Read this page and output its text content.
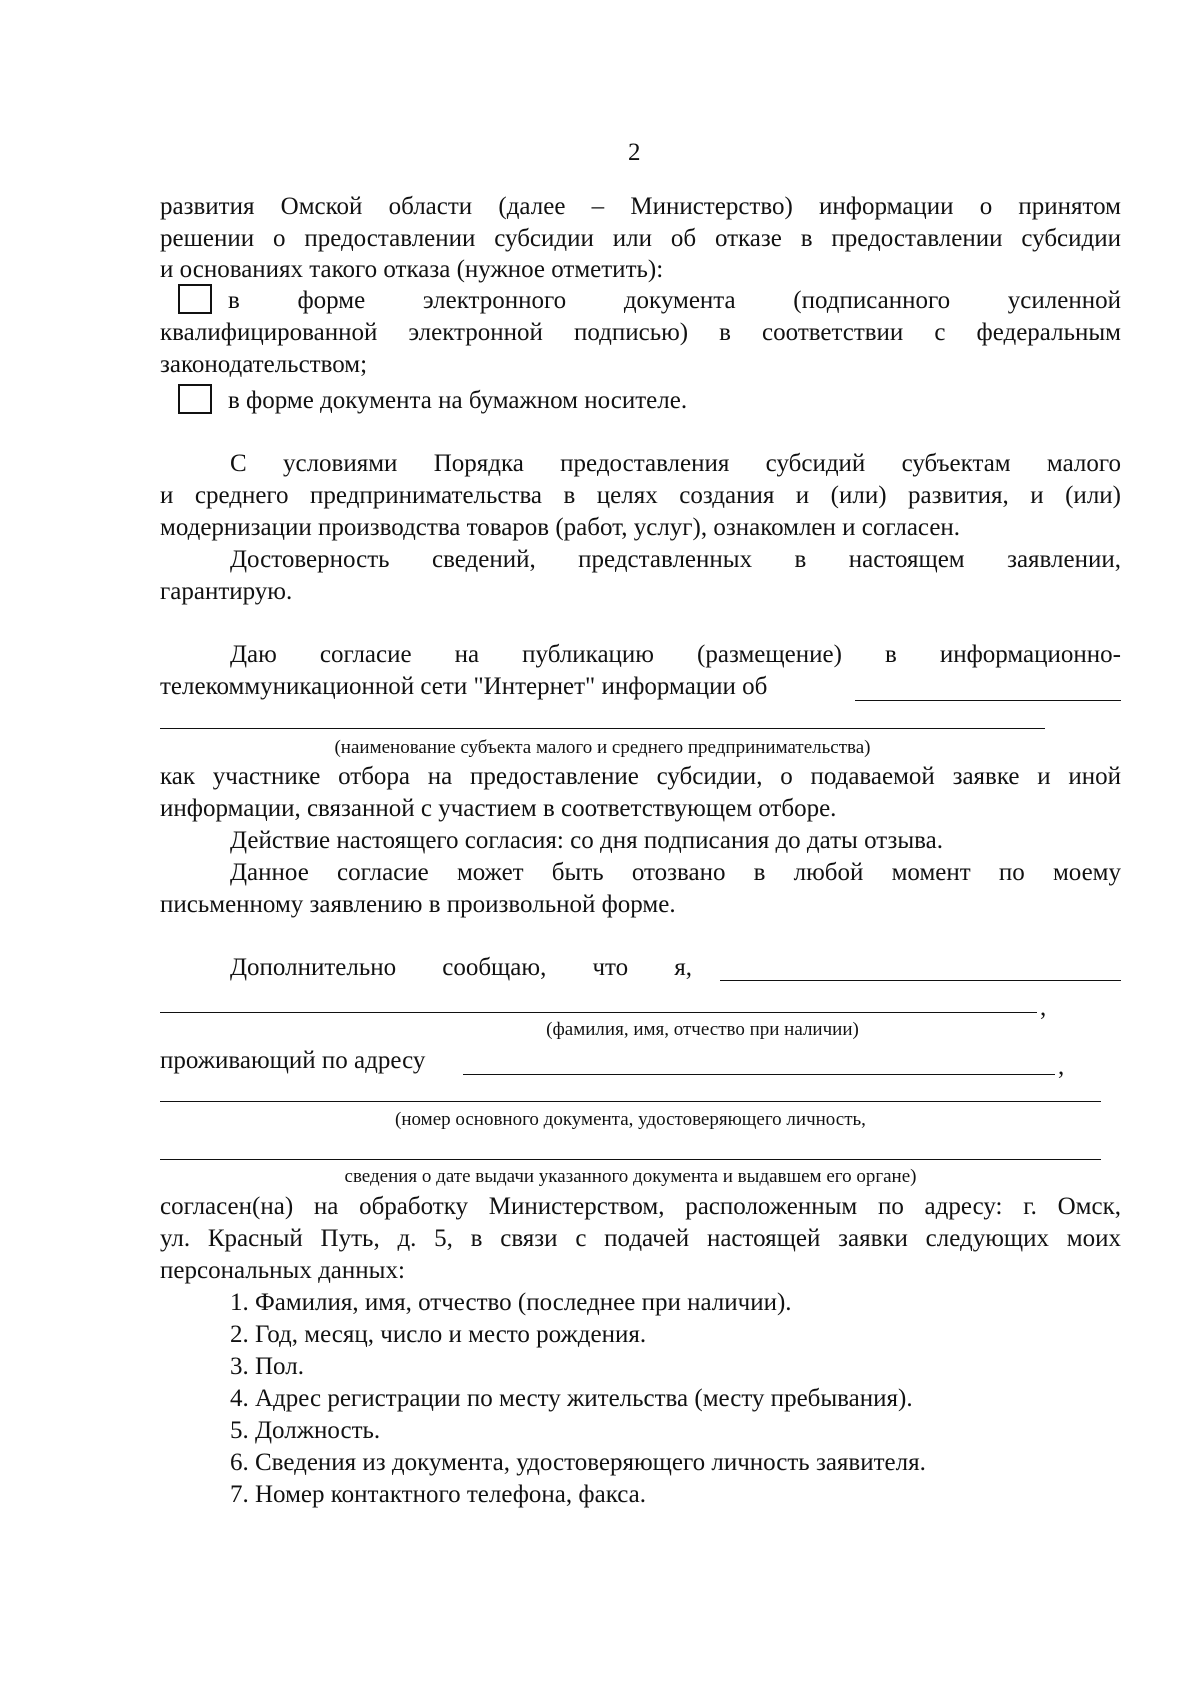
2
развития Омской области (далее – Министерство) информации о принятом
решении о предоставлении субсидии или об отказе в предоставлении субсидии
и основаниях такого отказа (нужное отметить):
в форме электронного документа (подписанного усиленной
квалифицированной электронной подписью) в соответствии с федеральным
законодательством;
в форме документа на бумажном носителе.
С условиями Порядка предоставления субсидий субъектам малого
и среднего предпринимательства в целях создания и (или) развития, и (или)
модернизации производства товаров (работ, услуг), ознакомлен и согласен.
Достоверность сведений, представленных в настоящем заявлении,
гарантирую.
Даю согласие на публикацию (размещение) в информационно-
телекоммуникационной сети "Интернет" информации об
(наименование субъекта малого и среднего предпринимательства)
как участнике отбора на предоставление субсидии, о подаваемой заявке и иной
информации, связанной с участием в соответствующем отборе.
Действие настоящего согласия: со дня подписания до даты отзыва.
Данное согласие может быть отозвано в любой момент по моему
письменному заявлению в произвольной форме.
Дополнительно сообщаю, что я,
,
(фамилия, имя, отчество при наличии)
проживающий по адресу	,
(номер основного документа, удостоверяющего личность,
сведения о дате выдачи указанного документа и выдавшем его органе)
согласен(на) на обработку Министерством, расположенным по адресу: г. Омск,
ул. Красный Путь, д. 5, в связи с подачей настоящей заявки следующих моих
персональных данных:
1. Фамилия, имя, отчество (последнее при наличии).
2. Год, месяц, число и место рождения.
3. Пол.
4. Адрес регистрации по месту жительства (месту пребывания).
5. Должность.
6. Сведения из документа, удостоверяющего личность заявителя.
7. Номер контактного телефона, факса.
